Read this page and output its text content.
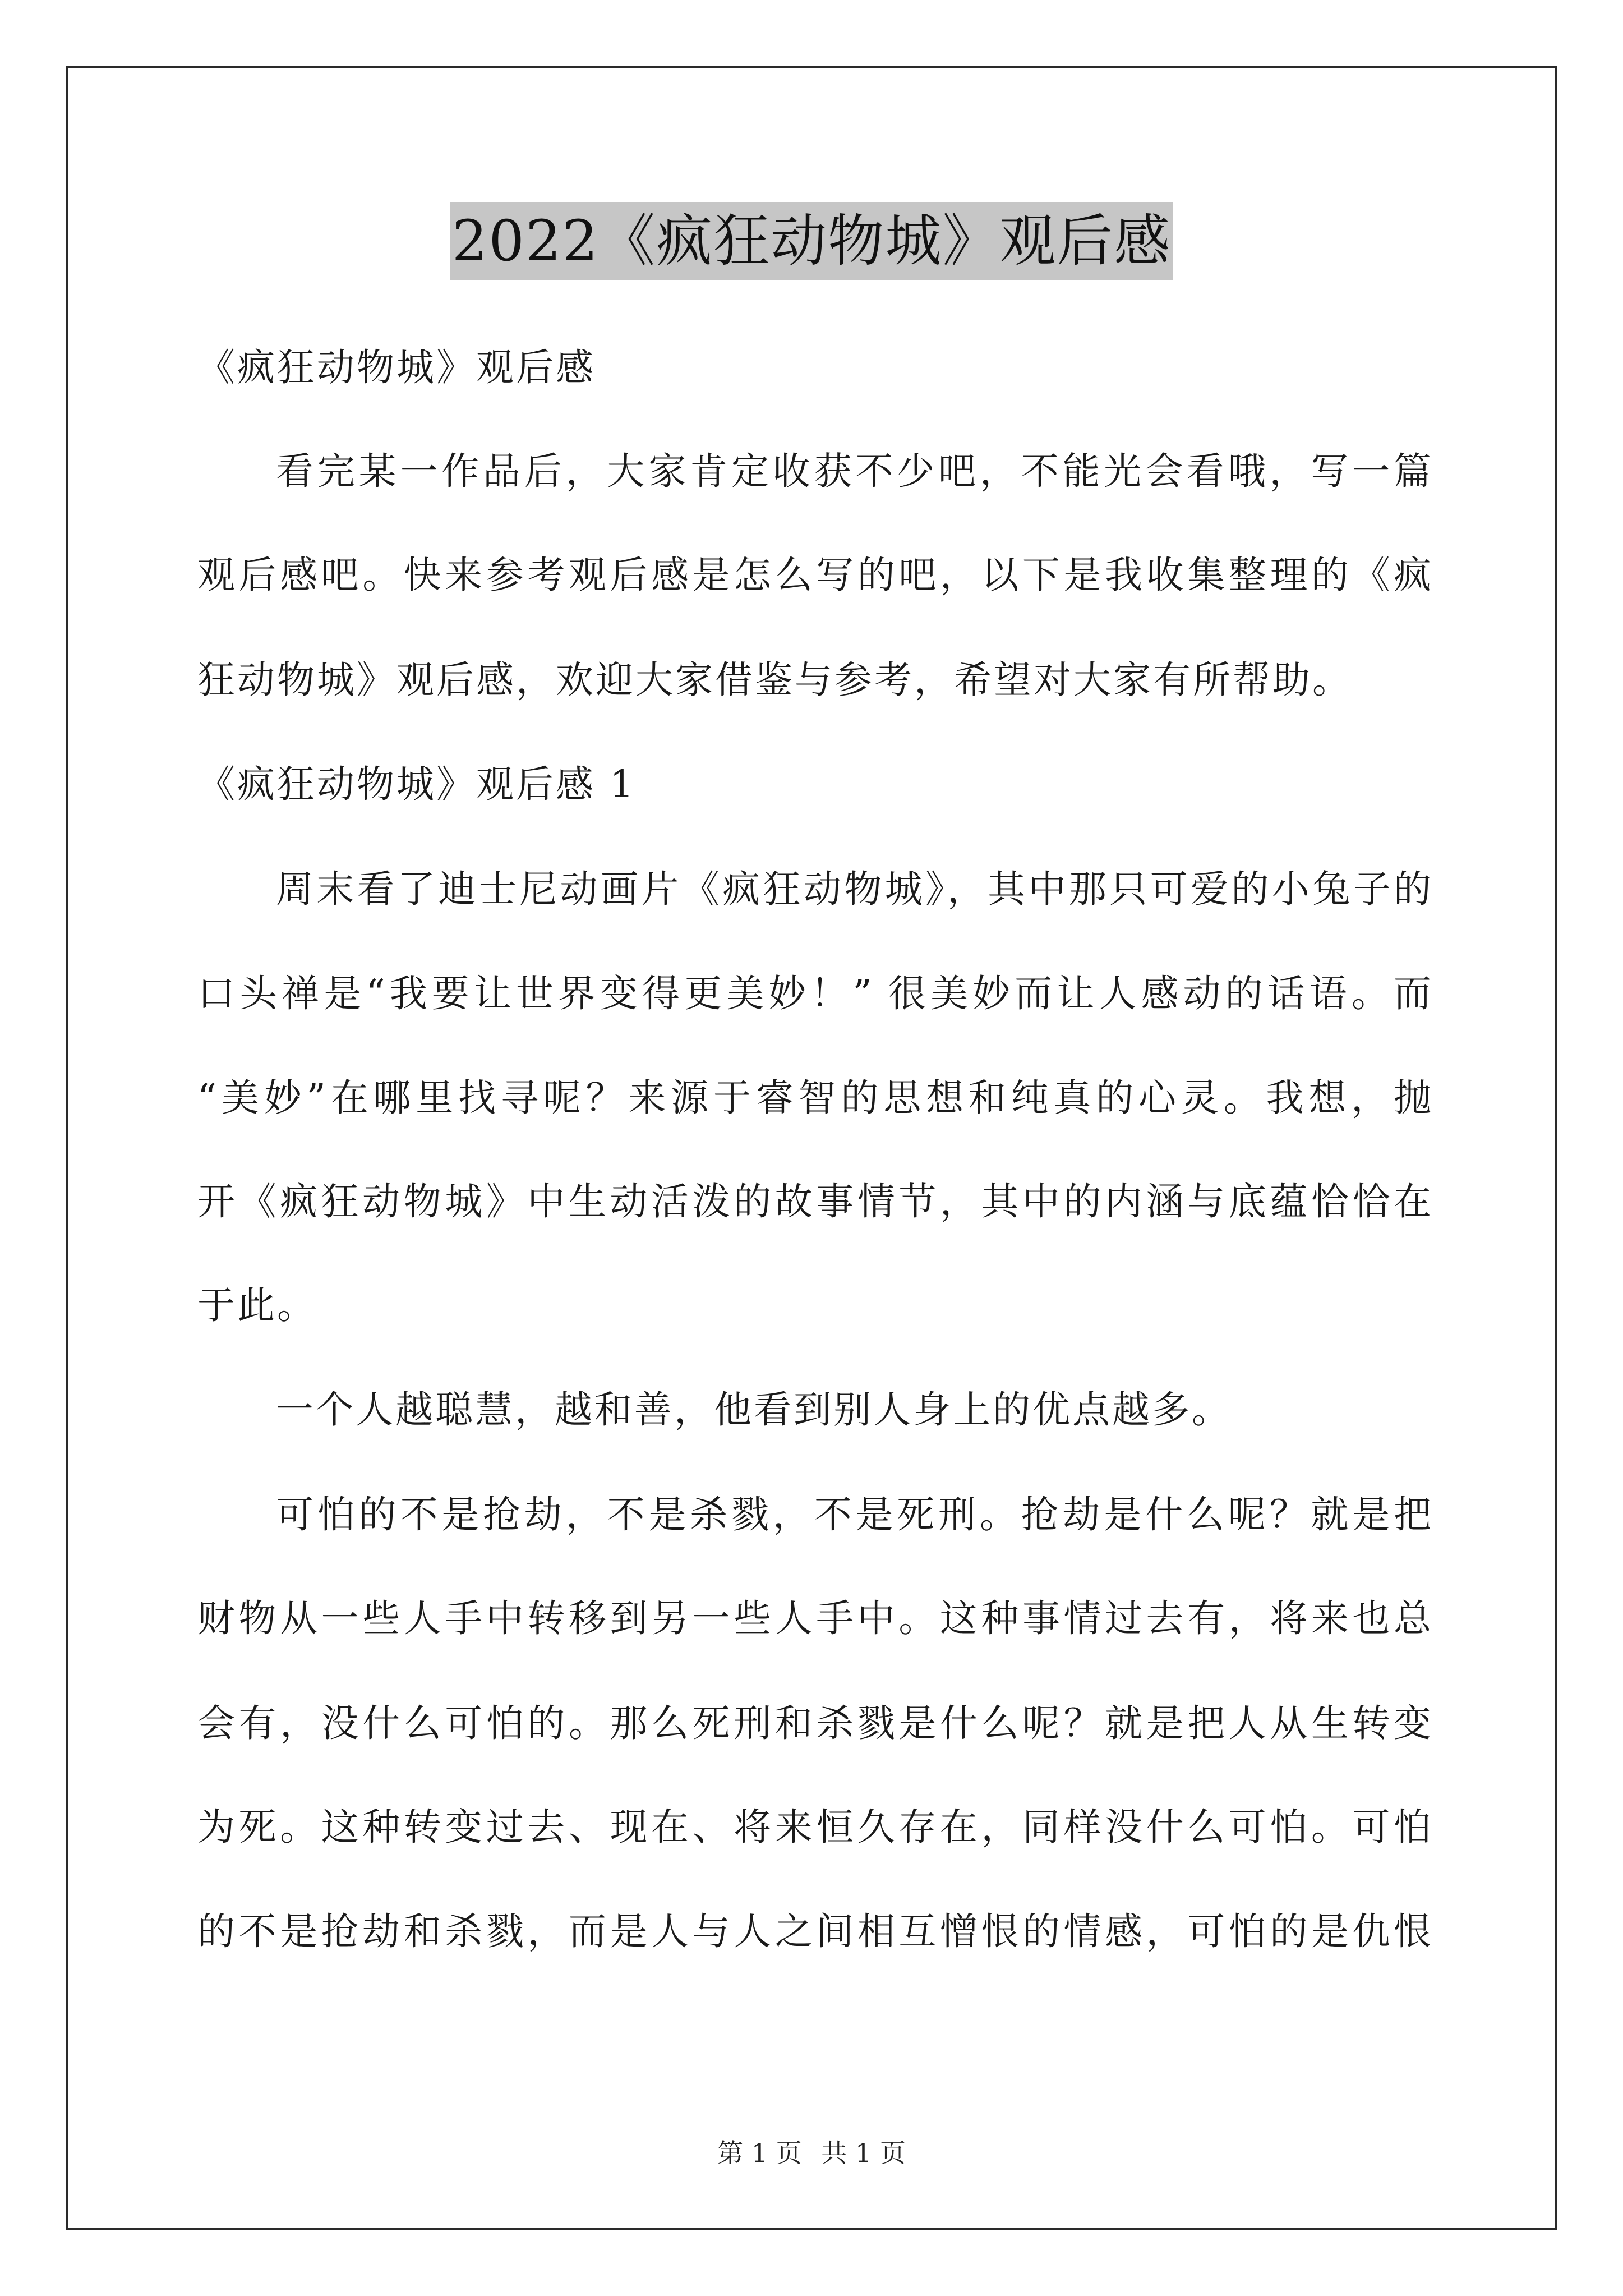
2022《疯狂动物城》观后感
《疯狂动物城》观后感
看完某一作品后，大家肯定收获不少吧，不能光会看哦，写一篇
观后感吧。快来参考观后感是怎么写的吧，以下是我收集整理的《疯
狂动物城》观后感，欢迎大家借鉴与参考，希望对大家有所帮助。
《疯狂动物城》观后感 1
周末看了迪士尼动画片《疯狂动物城》，其中那只可爱的小兔子的
口头禅是“我要让世界变得更美妙！” 很美妙而让人感动的话语。而
“美妙”在哪里找寻呢？来源于睿智的思想和纯真的心灵。我想，抛
开《疯狂动物城》中生动活泼的故事情节，其中的内涵与底蕴恰恰在
于此。
一个人越聪慧，越和善，他看到别人身上的优点越多。
可怕的不是抢劫，不是杀戮，不是死刑。抢劫是什么呢？就是把
财物从一些人手中转移到另一些人手中。这种事情过去有，将来也总
会有，没什么可怕的。那么死刑和杀戮是什么呢？就是把人从生转变
为死。这种转变过去、现在、将来恒久存在，同样没什么可怕。可怕
的不是抢劫和杀戮，而是人与人之间相互憎恨的情感，可怕的是仇恨
第 1 页 共 1 页
